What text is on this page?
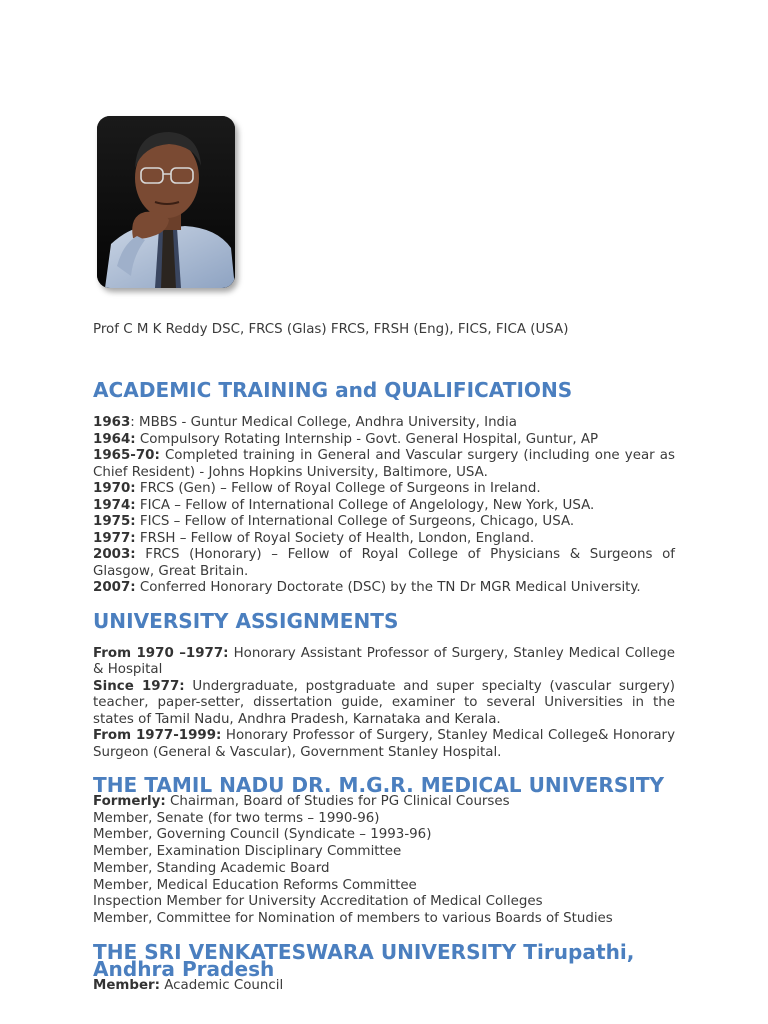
Prof C M K Reddy DSC, FRCS (Glas) FRCS, FRSH (Eng), FICS, FICA (USA)
ACADEMIC TRAINING and QUALIFICATIONS

1963: MBBS - Guntur Medical College, Andhra University, India

1964: Compulsory Rotating Internship - Govt. General Hospital, Guntur, AP

1965-70: Completed training in General and Vascular surgery (including one year as Chief Resident) - Johns Hopkins University, Baltimore, USA.

1970: FRCS (Gen) – Fellow of Royal College of Surgeons in Ireland.

1974: FICA – Fellow of International College of Angelology, New York, USA.

1975: FICS – Fellow of International College of Surgeons, Chicago, USA.

1977: FRSH – Fellow of Royal Society of Health, London, England.

2003: FRCS (Honorary) – Fellow of Royal College of Physicians & Surgeons of Glasgow, Great Britain.

2007: Conferred Honorary Doctorate (DSC) by the TN Dr MGR Medical University.

UNIVERSITY ASSIGNMENTS

From 1970 –1977: Honorary Assistant Professor of Surgery, Stanley Medical College & Hospital

Since 1977: Undergraduate, postgraduate and super specialty (vascular surgery) teacher, paper-setter, dissertation guide, examiner to several Universities in the states of Tamil Nadu, Andhra Pradesh, Karnataka and Kerala.

From 1977-1999: Honorary Professor of Surgery, Stanley Medical College& Honorary Surgeon (General & Vascular), Government Stanley Hospital.

THE TAMIL NADU DR. M.G.R. MEDICAL UNIVERSITY
Formerly: Chairman, Board of Studies for PG Clinical Courses
Member, Senate (for two terms – 1990-96)
Member, Governing Council (Syndicate – 1993-96)
Member, Examination Disciplinary Committee
Member, Standing Academic Board
Member, Medical Education Reforms Committee
Inspection Member for University Accreditation of Medical Colleges
Member, Committee for Nomination of members to various Boards of Studies
THE SRI VENKATESWARA UNIVERSITY Tirupathi, Andhra Pradesh
Member: Academic Council
